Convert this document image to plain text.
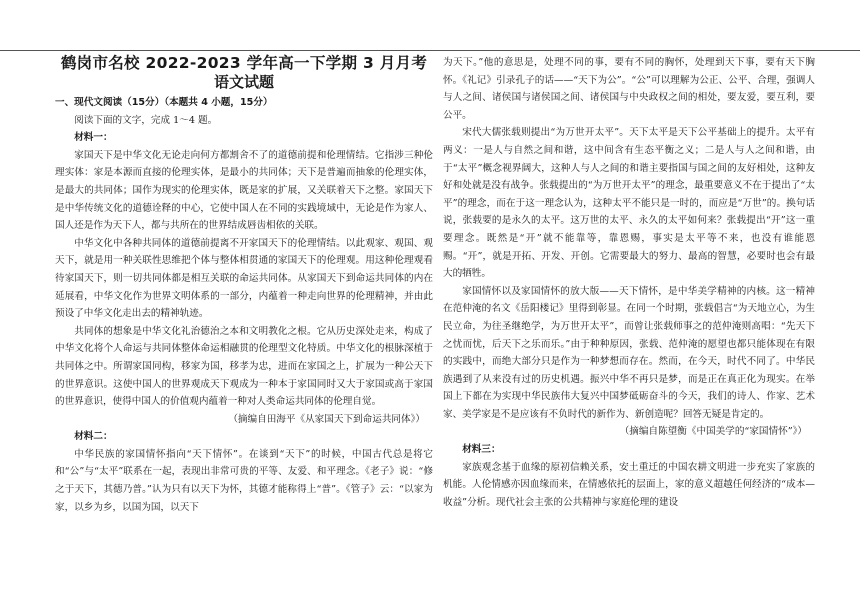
鹤岗市名校 2022-2023 学年高一下学期 3 月月考
语文试题

一、现代文阅读（15分）（本题共 4 小题，15分）

阅读下面的文字，完成 1～4 题。

材料一：

家国天下是中华文化无论走向何方都割舍不了的道德前提和伦理情结。它指涉三种伦理实体：家是本源而直接的伦理实体，是最小的共同体；天下是普遍而抽象的伦理实体，是最大的共同体；国作为现实的伦理实体，既是家的扩展，又关联着天下之整。家国天下是中华传统文化的道德诠释的中心，它使中国人在不同的实践境域中，无论是作为家人、国人还是作为天下人，都与共所在的世界结成唇齿相依的关联。

中华文化中各种共同体的道德前提离不开家国天下的伦理情结。以此观家、观国、观天下，就是用一种关联性思维把个体与整体相贯通的家国天下的伦理观。用这种伦理观看待家国天下，则一切共同体都是相互关联的命运共同体。从家国天下到命运共同体的内在延展看，中华文化作为世界文明体系的一部分，内蕴着一种走向世界的伦理精神，并由此预设了中华文化走出去的精神轨迹。

共同体的想象是中华文化礼治德治之本和文明教化之根。它从历史深处走来，构成了中华文化将个人命运与共同体整体命运相融贯的伦理型文化特质。中华文化的根脉深植于共同体之中。所谓家国同构，移家为国，移孝为忠，进而在家国之上，扩展为一种公天下的世界意识。这使中国人的世界观成天下观成为一种本于家国同时又大于家国或高于家国的世界意识，使得中国人的价值观内蕴着一种对人类命运共同体的伦理自觉。

（摘编自田海平《从家国天下到命运共同体》）

材料二：

中华民族的家国情怀指向“天下情怀”。在谈到“天下”的时候，中国古代总是将它和“公”与“太平”联系在一起，表现出非常可贵的平等、友爱、和平理念。《老子》说：“修之于天下，其德乃普。”认为只有以天下为怀，其德才能称得上“普”。《管子》云：“以家为家，以乡为乡，以国为国，以天下

为天下。”他的意思是，处理不同的事，要有不同的胸怀，处理到天下事，要有天下胸怀。《礼记》引录孔子的话——“天下为公”。“公”可以理解为公正、公平、合理，强调人与人之间、诸侯国与诸侯国之间、诸侯国与中央政权之间的相处，要友爱，要互利，要公平。

宋代大儒张载则提出“为万世开太平”。天下太平是天下公平基础上的提升。太平有两义：一是人与自然之间和谐，这中间含有生态平衡之义；二是人与人之间和谐，由于“太平”概念视界阔大，这种人与人之间的和谐主要指国与国之间的友好相处，这种友好和处就是没有战争。张载提出的“为万世开太平”的理念，最重要意义不在于提出了“太平”的理念，而在于这一理念认为，这种太平不能只是一时的，而应是“万世”的。换句话说，张载要的是永久的太平。这万世的太平、永久的太平如何来？张载提出“开”这一重要理念。既然是“开”就不能靠等，靠恩赐，事实是太平等不来，也没有谁能恩赐。“开”，就是开拓、开发、开创。它需要最大的努力、最高的智慧，必要时也会有最大的牺牲。

家国情怀以及家国情怀的放大版——天下情怀，是中华美学精神的内核。这一精神在范仲淹的名文《岳阳楼记》里得到彰显。在同一个时期，张载倡言“为天地立心，为生民立命，为往圣继绝学，为万世开太平”，而曾让张载师事之的范仲淹则高唱：“先天下之忧而忧，后天下之乐而乐。”由于种种原因，张载、范仲淹的愿望也都只能体现在有限的实践中，而绝大部分只是作为一种梦想而存在。然而，在今天，时代不同了。中华民族遇到了从来没有过的历史机遇。振兴中华不再只是梦，而是正在真正化为现实。在举国上下都在为实现中华民族伟大复兴中国梦砥砺奋斗的今天，我们的诗人、作家、艺术家、美学家是不是应该有不负时代的新作为、新创造呢？回答无疑是肯定的。

（摘编自陈望衡《中国美学的“家国情怀”》）

材料三：

家族观念基于血缘的原初信赖关系，安土重迁的中国农耕文明进一步充实了家族的机能。人伦情感亦因血缘而来，在情感依托的层面上，家的意义超越任何经济的“成本—收益”分析。现代社会主张的公共精神与家庭伦理的建设
